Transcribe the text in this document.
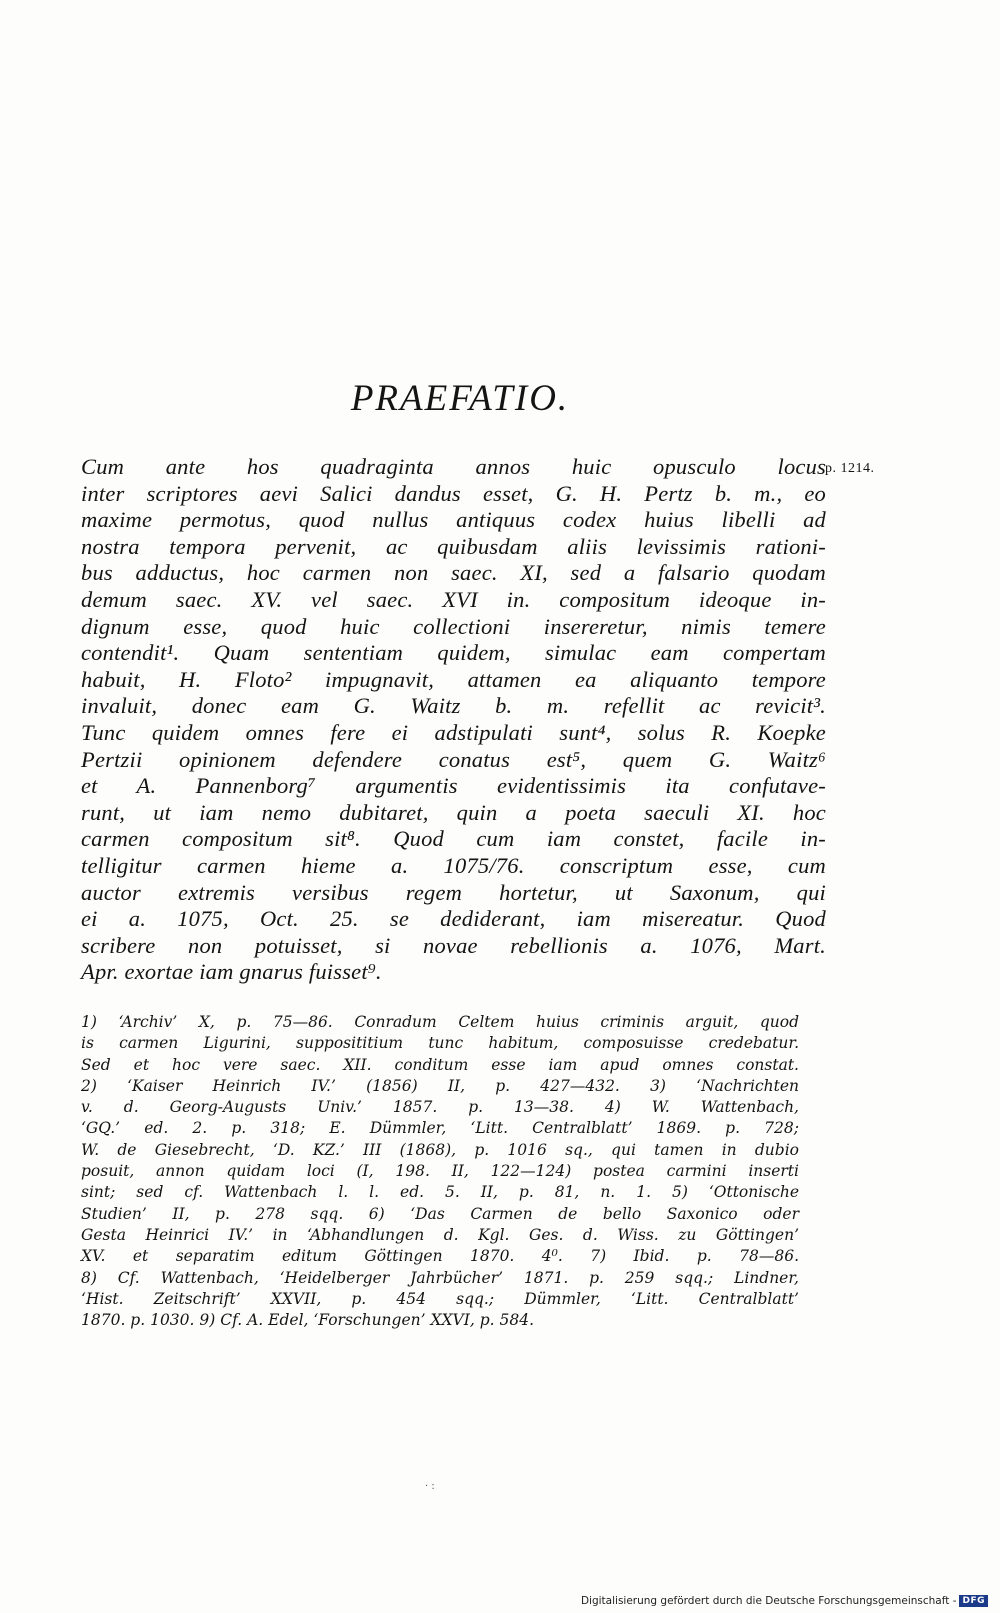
PRAEFATIO.
p. 1214.
Cum ante hos quadraginta annos huic opusculo locus
inter scriptores aevi Salici dandus esset, G. H. Pertz b. m., eo
maxime permotus, quod nullus antiquus codex huius libelli ad
nostra tempora pervenit, ac quibusdam aliis levissimis rationi-
bus adductus, hoc carmen non saec. XI, sed a falsario quodam
demum saec. XV. vel saec. XVI in. compositum ideoque in-
dignum esse, quod huic collectioni insereretur, nimis temere
contendit¹. Quam sententiam quidem, simulac eam compertam
habuit, H. Floto² impugnavit, attamen ea aliquanto tempore
invaluit, donec eam G. Waitz b. m. refellit ac revicit³.
Tunc quidem omnes fere ei adstipulati sunt⁴, solus R. Koepke
Pertzii opinionem defendere conatus est⁵, quem G. Waitz⁶
et A. Pannenborg⁷ argumentis evidentissimis ita confutave-
runt, ut iam nemo dubitaret, quin a poeta saeculi XI. hoc
carmen compositum sit⁸. Quod cum iam constet, facile in-
telligitur carmen hieme a. 1075/76. conscriptum esse, cum
auctor extremis versibus regem hortetur, ut Saxonum, qui
ei a. 1075, Oct. 25. se dediderant, iam misereatur. Quod
scribere non potuisset, si novae rebellionis a. 1076, Mart.
Apr. exortae iam gnarus fuisset⁹.
1) ‘Archiv’ X, p. 75—86. Conradum Celtem huius criminis arguit, quod
is carmen Ligurini, supposititium tunc habitum, composuisse credebatur.
Sed et hoc vere saec. XII. conditum esse iam apud omnes constat.
2) ‘Kaiser Heinrich IV.’ (1856) II, p. 427—432. 3) ‘Nachrichten
v. d. Georg-Augusts Univ.’ 1857. p. 13—38. 4) W. Wattenbach,
‘GQ.’ ed. 2. p. 318; E. Dümmler, ‘Litt. Centralblatt’ 1869. p. 728;
W. de Giesebrecht, ‘D. KZ.’ III (1868), p. 1016 sq., qui tamen in dubio
posuit, annon quidam loci (I, 198. II, 122—124) postea carmini inserti
sint; sed cf. Wattenbach l. l. ed. 5. II, p. 81, n. 1. 5) ‘Ottonische
Studien’ II, p. 278 sqq. 6) ‘Das Carmen de bello Saxonico oder
Gesta Heinrici IV.’ in ‘Abhandlungen d. Kgl. Ges. d. Wiss. zu Göttingen’
XV. et separatim editum Göttingen 1870. 4⁰. 7) Ibid. p. 78—86.
8) Cf. Wattenbach, ‘Heidelberger Jahrbücher’ 1871. p. 259 sqq.; Lindner,
‘Hist. Zeitschrift’ XXVII, p. 454 sqq.; Dümmler, ‘Litt. Centralblatt’
1870. p. 1030. 9) Cf. A. Edel, ‘Forschungen’ XXVI, p. 584.
· :
Digitalisierung gefördert durch die Deutsche Forschungsgemeinschaft - DFG
